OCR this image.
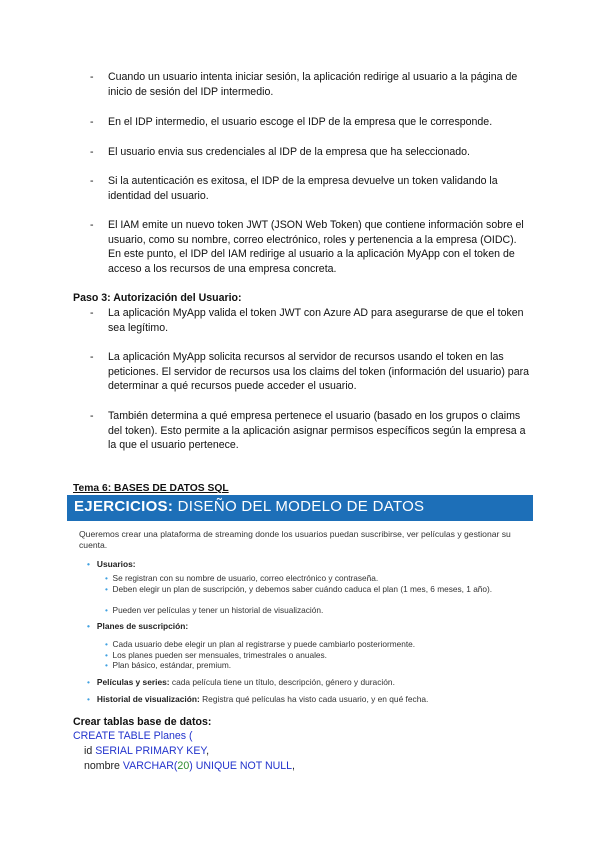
- Cuando un usuario intenta iniciar sesión, la aplicación redirige al usuario a la página de inicio de sesión del IDP intermedio.
- En el IDP intermedio, el usuario escoge el IDP de la empresa que le corresponde.
- El usuario envia sus credenciales al IDP de la empresa que ha seleccionado.
- Si la autenticación es exitosa, el IDP de la empresa devuelve un token validando la identidad del usuario.
- El IAM emite un nuevo token JWT (JSON Web Token) que contiene información sobre el usuario, como su nombre, correo electrónico, roles y pertenencia a la empresa (OIDC). En este punto, el IDP del IAM redirige al usuario a la aplicación MyApp con el token de acceso a los recursos de una empresa concreta.
Paso 3: Autorización del Usuario:
- La aplicación MyApp valida el token JWT con Azure AD para asegurarse de que el token sea legítimo.
- La aplicación MyApp solicita recursos al servidor de recursos usando el token en las peticiones. El servidor de recursos usa los claims del token (información del usuario) para determinar a qué recursos puede acceder el usuario.
- También determina a qué empresa pertenece el usuario (basado en los grupos o claims del token). Esto permite a la aplicación asignar permisos específicos según la empresa a la que el usuario pertenece.
Tema 6: BASES DE DATOS SQL
EJERCICIOS: DISEÑO DEL MODELO DE DATOS
Queremos crear una plataforma de streaming donde los usuarios puedan suscribirse, ver películas y gestionar su cuenta.
• Usuarios:
• Se registran con su nombre de usuario, correo electrónico y contraseña.
• Deben elegir un plan de suscripción, y debemos saber cuándo caduca el plan (1 mes, 6 meses, 1 año).
• Pueden ver películas y tener un historial de visualización.
• Planes de suscripción:
• Cada usuario debe elegir un plan al registrarse y puede cambiarlo posteriormente.
• Los planes pueden ser mensuales, trimestrales o anuales.
• Plan básico, estándar, premium.
• Películas y series: cada película tiene un título, descripción, género y duración.
• Historial de visualización: Registra qué películas ha visto cada usuario, y en qué fecha.
Crear tablas base de datos:
CREATE TABLE Planes (
id SERIAL PRIMARY KEY,
nombre VARCHAR(20) UNIQUE NOT NULL,
